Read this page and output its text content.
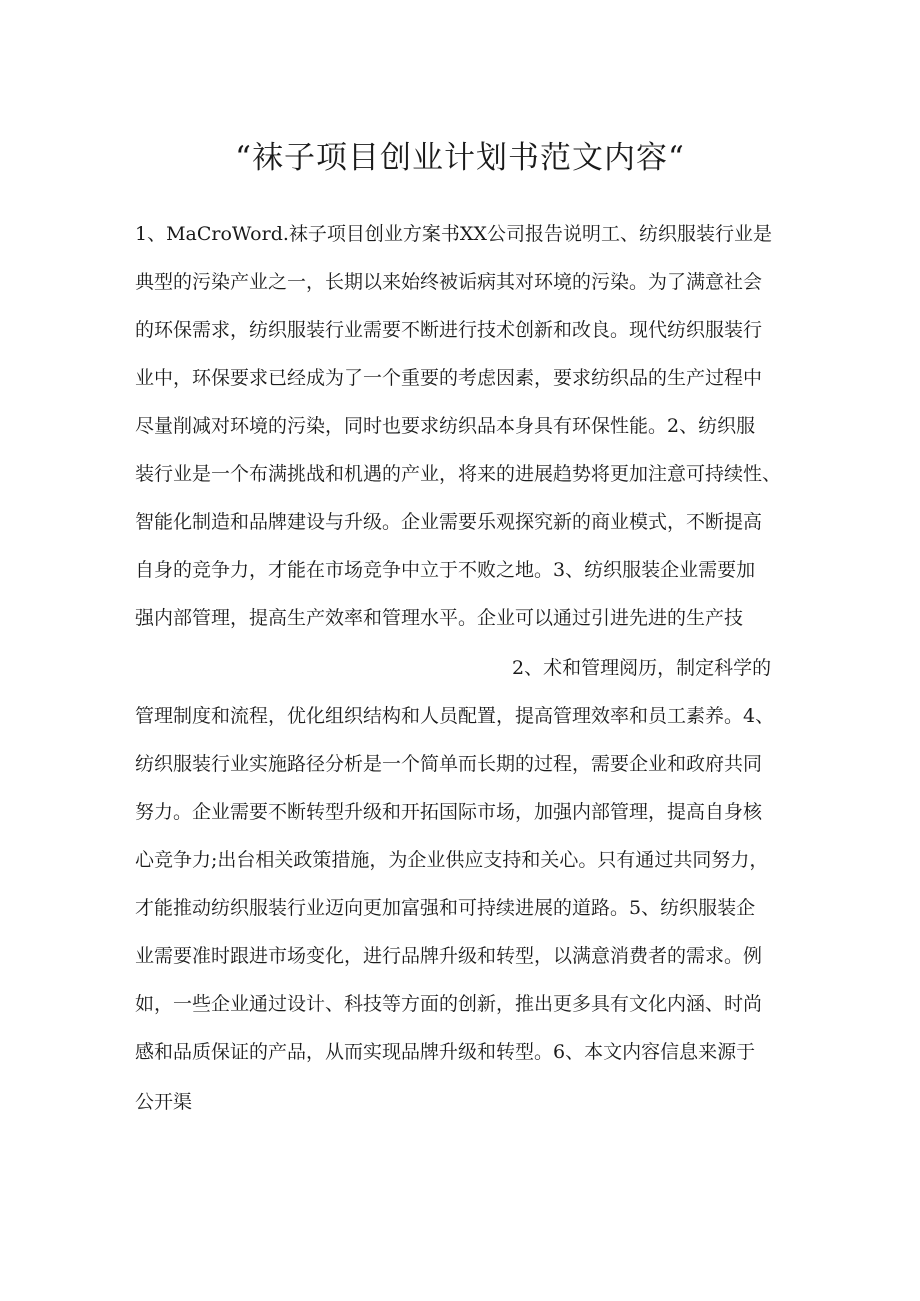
“袜子项目创业计划书范文内容“
1、MaCroWord.袜子项目创业方案书XX公司报告说明工、纺织服装行业是
典型的污染产业之一，长期以来始终被诟病其对环境的污染。为了满意社会
的环保需求，纺织服装行业需要不断进行技术创新和改良。现代纺织服装行
业中，环保要求已经成为了一个重要的考虑因素，要求纺织品的生产过程中
尽量削减对环境的污染，同时也要求纺织品本身具有环保性能。2、纺织服
装行业是一个布满挑战和机遇的产业，将来的进展趋势将更加注意可持续性、
智能化制造和品牌建设与升级。企业需要乐观探究新的商业模式，不断提高
自身的竞争力，才能在市场竞争中立于不败之地。3、纺织服装企业需要加
强内部管理，提高生产效率和管理水平。企业可以通过引进先进的生产技
2、术和管理阅历，制定科学的
管理制度和流程，优化组织结构和人员配置，提高管理效率和员工素养。4、
纺织服装行业实施路径分析是一个简单而长期的过程，需要企业和政府共同
努力。企业需要不断转型升级和开拓国际市场，加强内部管理，提高自身核
心竞争力;出台相关政策措施，为企业供应支持和关心。只有通过共同努力，
才能推动纺织服装行业迈向更加富强和可持续进展的道路。5、纺织服装企
业需要准时跟进市场变化，进行品牌升级和转型，以满意消费者的需求。例
如，一些企业通过设计、科技等方面的创新，推出更多具有文化内涵、时尚
感和品质保证的产品，从而实现品牌升级和转型。6、本文内容信息来源于
公开渠
